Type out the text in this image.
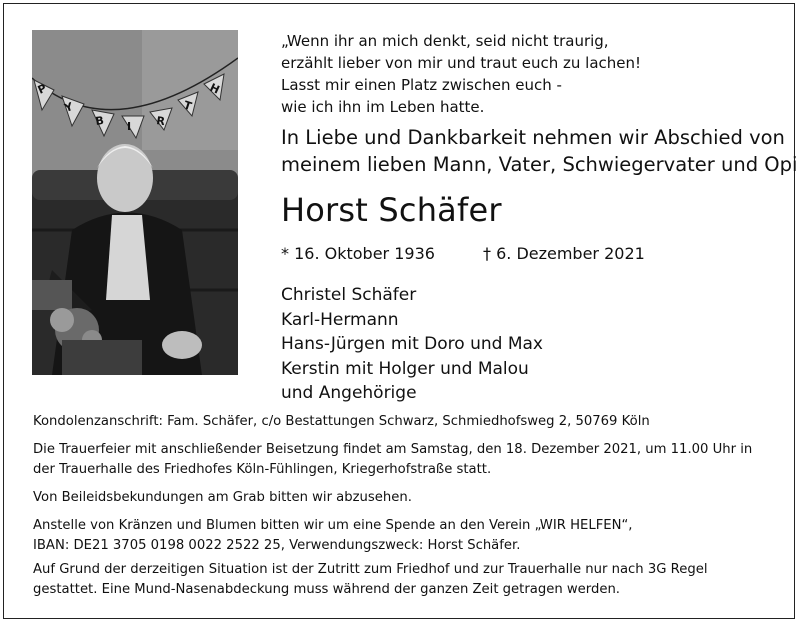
P
Y
B I R
T
H
„Wenn ihr an mich denkt, seid nicht traurig,
erzählt lieber von mir und traut euch zu lachen!
Lasst mir einen Platz zwischen euch -
wie ich ihn im Leben hatte.
In Liebe und Dankbarkeit nehmen wir Abschied von
meinem lieben Mann, Vater, Schwiegervater und Opi
Horst Schäfer
* 16. Oktober 1936	† 6. Dezember 2021
Christel Schäfer
Karl-Hermann
Hans-Jürgen mit Doro und Max
Kerstin mit Holger und Malou
und Angehörige

Kondolenzanschrift: Fam. Schäfer, c/o Bestattungen Schwarz, Schmiedhofsweg 2, 50769 Köln

Die Trauerfeier mit anschließender Beisetzung findet am Samstag, den 18. Dezember 2021, um 11.00 Uhr in
der Trauerhalle des Friedhofes Köln-Fühlingen, Kriegerhofstraße statt.

Von Beileidsbekundungen am Grab bitten wir abzusehen.

Anstelle von Kränzen und Blumen bitten wir um eine Spende an den Verein „WIR HELFEN“,
IBAN: DE21 3705 0198 0022 2522 25, Verwendungszweck: Horst Schäfer.

Auf Grund der derzeitigen Situation ist der Zutritt zum Friedhof und zur Trauerhalle nur nach 3G Regel
gestattet. Eine Mund-Nasenabdeckung muss während der ganzen Zeit getragen werden.
